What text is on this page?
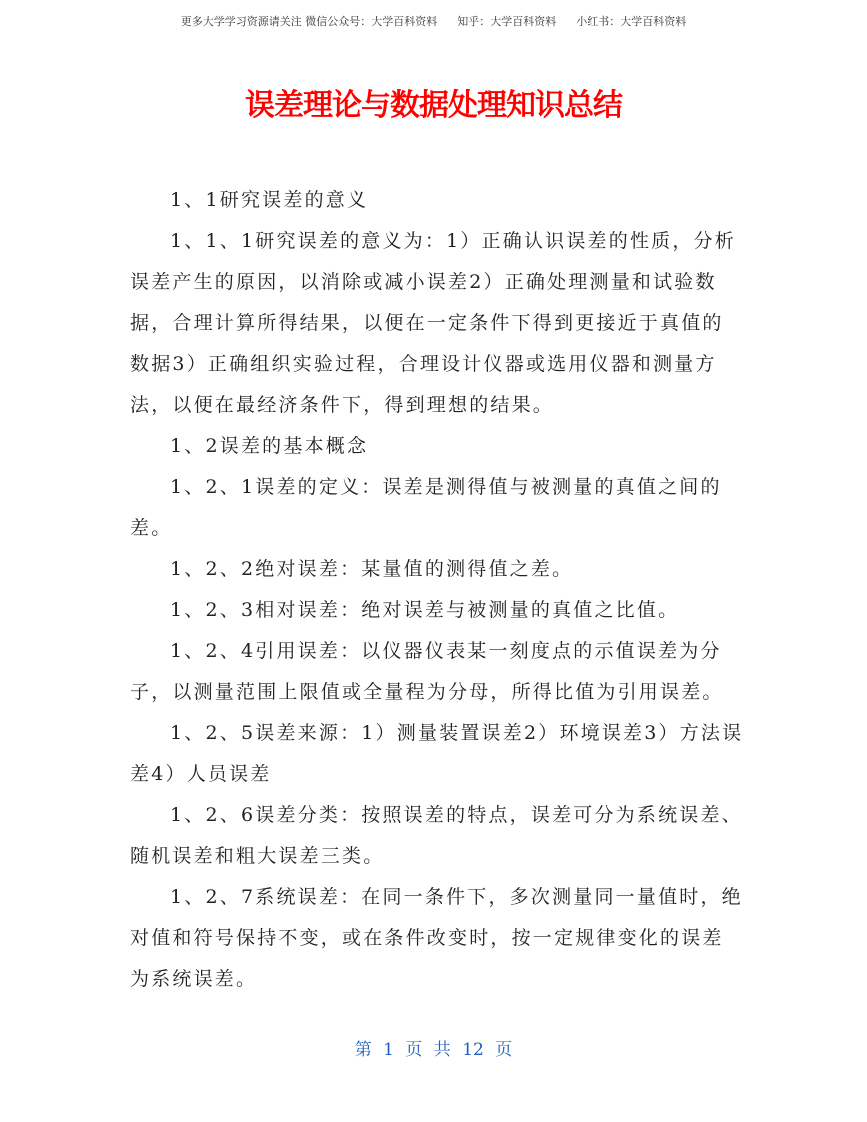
更多大学学习资源请关注 微信公众号：大学百科资料 知乎：大学百科资料 小红书：大学百科资料
误差理论与数据处理知识总结
1、1研究误差的意义
1、1、1研究误差的意义为：1）正确认识误差的性质，分析
误差产生的原因，以消除或减小误差2）正确处理测量和试验数
据，合理计算所得结果，以便在一定条件下得到更接近于真值的
数据3）正确组织实验过程，合理设计仪器或选用仪器和测量方
法，以便在最经济条件下，得到理想的结果。
1、2误差的基本概念
1、2、1误差的定义：误差是测得值与被测量的真值之间的
差。
1、2、2绝对误差：某量值的测得值之差。
1、2、3相对误差：绝对误差与被测量的真值之比值。
1、2、4引用误差：以仪器仪表某一刻度点的示值误差为分
子，以测量范围上限值或全量程为分母，所得比值为引用误差。
1、2、5误差来源：1）测量装置误差2）环境误差3）方法误
差4）人员误差
1、2、6误差分类：按照误差的特点，误差可分为系统误差、
随机误差和粗大误差三类。
1、2、7系统误差：在同一条件下，多次测量同一量值时，绝
对值和符号保持不变，或在条件改变时，按一定规律变化的误差
为系统误差。
第 1 页 共 12 页
